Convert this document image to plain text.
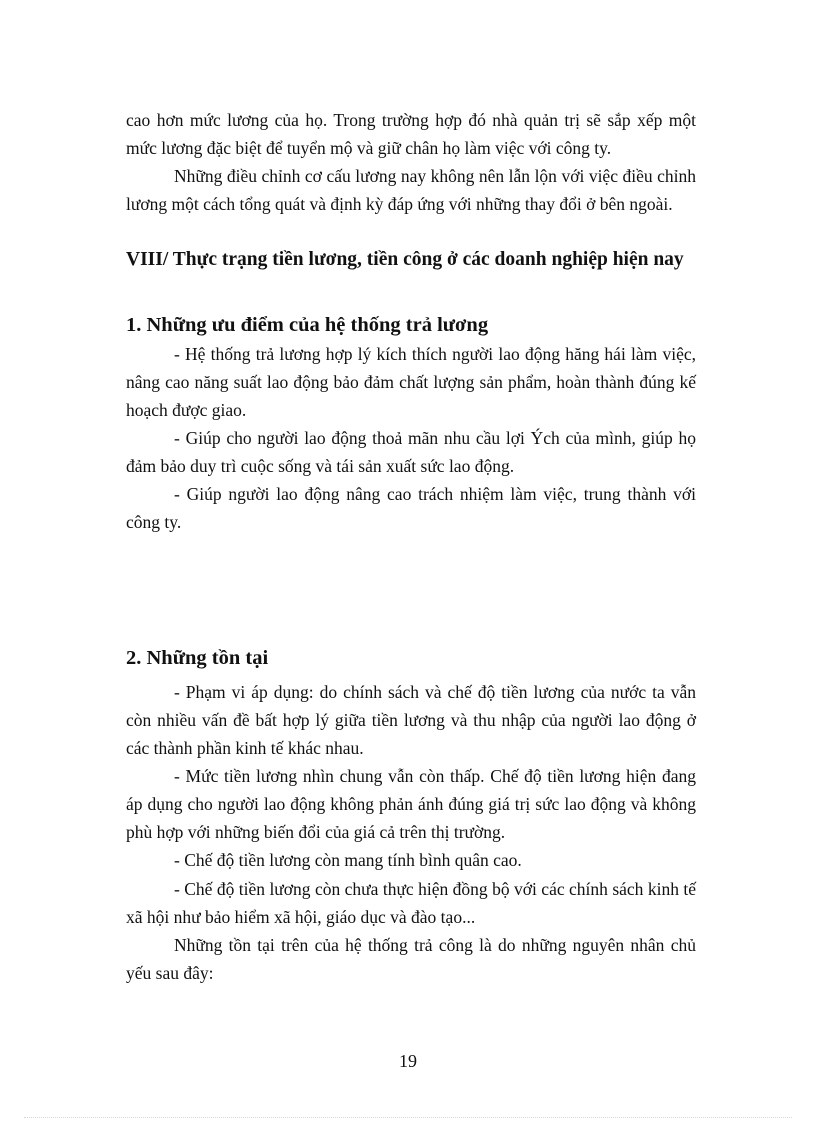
cao hơn mức lương của họ. Trong trường hợp đó nhà quản trị sẽ sắp xếp một mức lương đặc biệt để tuyển mộ và giữ chân họ làm việc với công ty.

Những điều chỉnh cơ cấu lương nay không nên lẫn lộn với việc điều chỉnh lương một cách tổng quát và định kỳ đáp ứng với những thay đổi ở bên ngoài.

VIII/ Thực trạng tiền lương, tiền công ở các doanh nghiệp hiện nay
1. Những ưu điểm của hệ thống trả lương

- Hệ thống trả lương hợp lý kích thích người lao động hăng hái làm việc, nâng cao năng suất lao động bảo đảm chất lượng sản phẩm, hoàn thành đúng kế hoạch được giao.

- Giúp cho người lao động thoả mãn nhu cầu lợi Ých của mình, giúp họ đảm bảo duy trì cuộc sống và tái sản xuất sức lao động.

- Giúp người lao động nâng cao trách nhiệm làm việc, trung thành với công ty.

2. Những tồn tại

- Phạm vi áp dụng: do chính sách và chế độ tiền lương của nước ta vẫn còn nhiều vấn đề bất hợp lý giữa tiền lương và thu nhập của người lao động ở các thành phần kinh tế khác nhau.

- Mức tiền lương nhìn chung vẫn còn thấp. Chế độ tiền lương hiện đang áp dụng cho người lao động không phản ánh đúng giá trị sức lao động và không phù hợp với những biến đổi của giá cả trên thị trường.

- Chế độ tiền lương còn mang tính bình quân cao.

- Chế độ tiền lương còn chưa thực hiện đồng bộ với các chính sách kinh tế xã hội như bảo hiểm xã hội, giáo dục và đào tạo...

Những tồn tại trên của hệ thống trả công là do những nguyên nhân chủ yếu sau đây:

19
